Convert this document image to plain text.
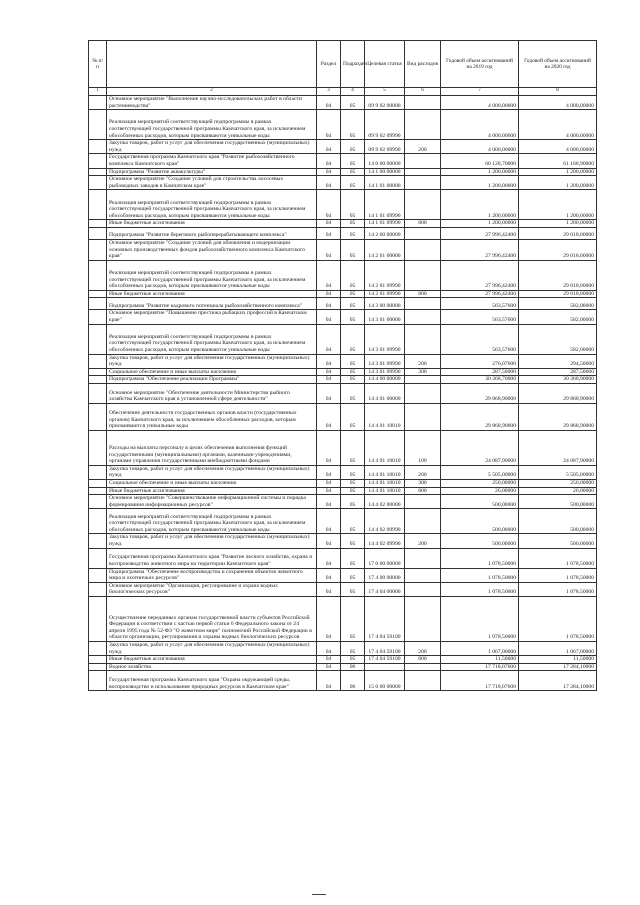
№ п/п		Раздел	Подраздел	Целевая статья	Вид расходов	Годовой объем ассигнований на 2019 год	Годовой объем ассигнований на 2020 год
1	2	3	4	5	6	7	8
	Основное мероприятие "Выполнение научно-исследовательских работ в области растениеводства"	04	05	09 9 02 00000		4 000,00000	4 000,00000
	Реализация мероприятий соответствующей подпрограммы в рамках соответствующей государственной программы Камчатского края, за исключением обособленных расходов, которым присваиваются уникальные коды	04	05	09 9 02 09990		4 000,00000	4 000,00000
	Закупка товаров, работ и услуг для обеспечения государственных (муниципальных) нужд	04	05	09 9 02 09990	200	4 000,00000	4 000,00000
	Государственная программа Камчатского края "Развитие рыбохозяйственного комплекса Камчатского края"	04	05	14 0 00 00000		60 128,70000	61 168,90000
	Подпрограмма "Развитие аквакультуры"	04	05	14 1 00 00000		1 200,00000	1 200,00000
	Основное мероприятие "Создание условий для строительства лососевых рыбоводных заводов в Камчатском крае"	04	05	14 1 01 00000		1 200,00000	1 200,00000
	Реализация мероприятий соответствующей подпрограммы в рамках соответствующей государственной программы Камчатского края, за исключением обособленных расходов, которым присваиваются уникальные коды	04	05	14 1 01 09990		1 200,00000	1 200,00000
	Иные бюджетные ассигнования	04	05	14 1 01 09990	800	1 200,00000	1 200,00000
	Подпрограмма "Развитие берегового рыбоперерабатывающего комплекса"	04	05	14 2 00 00000		27 996,42400	29 018,00000
	Основное мероприятие "Создание условий для обновления и модернизации основных производственных фондов рыбохозяйственного комплекса Камчатского края"	04	05	14 2 01 00000		27 996,42400	29 018,00000
	Реализация мероприятий соответствующей подпрограммы в рамках соответствующей государственной программы Камчатского края, за исключением обособленных расходов, которым присваиваются уникальные коды	04	05	14 2 01 09990		27 996,42400	29 018,00000
	Иные бюджетные ассигнования	04	05	14 2 01 09990	800	27 996,42400	29 018,00000
	Подпрограмма "Развитие кадрового потенциала рыбохозяйственного комплекса"	04	05	14 3 00 00000		563,57600	582,00000
	Основное мероприятие "Повышение престижа рыбацких профессий в Камчатском крае"	04	05	14 3 01 00000		563,57600	582,00000
	Реализация мероприятий соответствующей подпрограммы в рамках соответствующей государственной программы Камчатского края, за исключением обособленных расходов, которым присваиваются уникальные коды	04	05	14 3 01 09990		563,57600	582,00000
	Закупка товаров, работ и услуг для обеспечения государственных (муниципальных) нужд	04	05	14 3 01 09990	200	276,07600	294,50000
	Социальное обеспечение и иные выплаты населению	04	05	14 3 01 09990	300	287,50000	287,50000
	Подпрограмма "Обеспечение реализации Программы"	04	05	14 4 00 00000		30 368,70000	30 368,90000
	Основное мероприятие "Обеспечение деятельности Министерства рыбного хозяйства Камчатского края в установленной сфере деятельности"	04	05	14 4 01 00000		29 868,90000	29 868,90000
	Обеспечение деятельности государственных органов власти (государственных органов) Камчатского края, за исключением обособленных расходов, которым присваиваются уникальные коды	04	05	14 4 01 10010		29 868,90000	29 868,90000
	Расходы на выплаты персоналу в целях обеспечения выполнения функций государственными (муниципальными) органами, казенными учреждениями, органами управления государственными внебюджетными фондами	04	05	14 4 01 10010	100	24 087,90000	24 087,90000
	Закупка товаров, работ и услуг для обеспечения государственных (муниципальных) нужд	04	05	14 4 01 10010	200	5 505,00000	5 505,00000
	Социальное обеспечение и иные выплаты населению	04	05	14 4 01 10010	300	250,00000	250,00000
	Иные бюджетные ассигнования	04	05	14 4 01 10010	800	26,00000	26,00000
	Основное мероприятие "Совершенствование информационной системы и порядка формирования информационных ресурсов"	04	05	14 4 02 00000		500,00000	500,00000
	Реализация мероприятий соответствующей подпрограммы в рамках соответствующей государственной программы Камчатского края, за исключением обособленных расходов, которым присваиваются уникальные коды	04	05	14 4 02 09990		500,00000	500,00000
	Закупка товаров, работ и услуг для обеспечения государственных (муниципальных) нужд	04	05	14 4 02 09990	200	500,00000	500,00000
	Государственная программа Камчатского края "Развитие лесного хозяйства, охрана и воспроизводство животного мира на территории Камчатского края"	04	05	17 0 00 00000		1 078,50000	1 078,50000
	Подпрограмма "Обеспечение воспроизводства и сохранения объектов животного мира и охотничьих ресурсов"	04	05	17 4 00 00000		1 078,50000	1 078,50000
	Основное мероприятие "Организация, регулирование и охрана водных биологических ресурсов"	04	05	17 4 04 00000		1 078,50000	1 078,50000
	Осуществление переданных органам государственной власти субъектов Российской Федерации в соответствии с частью первой статьи 6 Федерального закона от 24 апреля 1995 года № 52-ФЗ "О животном мире" полномочий Российской Федерации в области организации, регулирования и охраны водных биологических ресурсов	04	05	17 4 04 59100		1 078,50000	1 078,50000
	Закупка товаров, работ и услуг для обеспечения государственных (муниципальных) нужд	04	05	17 4 04 59100	200	1 067,00000	1 067,00000
	Иные бюджетные ассигнования	04	05	17 4 04 59100	800	11,50000	11,50000
	Водное хозяйство	04	06			17 718,07600	17 284,10000
	Государственная программа Камчатского края "Охрана окружающей среды, воспроизводство и использование природных ресурсов в Камчатском крае"	04	06	15 0 00 00000		17 718,07600	17 284,10000
